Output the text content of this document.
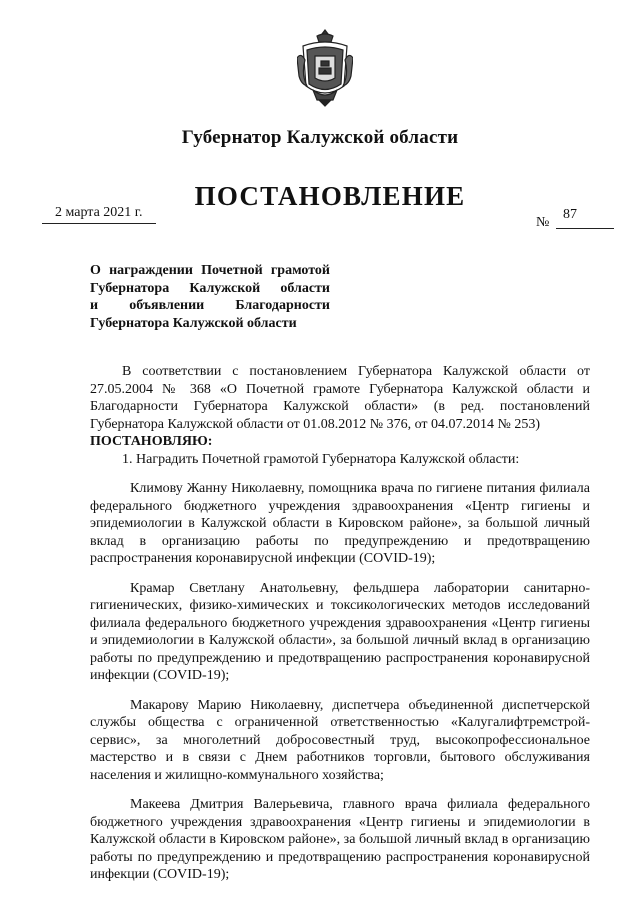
Губернатор Калужской области
ПОСТАНОВЛЕНИЕ
2 марта 2021 г.
№
87
О награждении Почетной грамотой
Губернатора Калужской области
и объявлении Благодарности
Губернатора Калужской области

В соответствии с постановлением Губернатора Калужской области от 27.05.2004 № 368 «О Почетной грамоте Губернатора Калужской области и Благодарности Губернатора Калужской области» (в ред. постановлений Губернатора Калужской области от 01.08.2012 № 376, от 04.07.2014 № 253)

ПОСТАНОВЛЯЮ:

1. Наградить Почетной грамотой Губернатора Калужской области:

Климову Жанну Николаевну, помощника врача по гигиене питания филиала федерального бюджетного учреждения здравоохранения «Центр гигиены и эпидемиологии в Калужской области в Кировском районе», за большой личный вклад в организацию работы по предупреждению и предотвращению распространения коронавирусной инфекции (COVID-19);

Крамар Светлану Анатольевну, фельдшера лаборатории санитарно-гигиенических, физико-химических и токсикологических методов исследований филиала федерального бюджетного учреждения здравоохранения «Центр гигиены и эпидемиологии в Калужской области», за большой личный вклад в организацию работы по предупреждению и предотвращению распространения коронавирусной инфекции (COVID-19);

Макарову Марию Николаевну, диспетчера объединенной диспетчерской службы общества с ограниченной ответственностью «Калугалифтремстрой-сервис», за многолетний добросовестный труд, высокопрофессиональное мастерство и в связи с Днем работников торговли, бытового обслуживания населения и жилищно-коммунального хозяйства;

Макеева Дмитрия Валерьевича, главного врача филиала федерального бюджетного учреждения здравоохранения «Центр гигиены и эпидемиологии в Калужской области в Кировском районе», за большой личный вклад в организацию работы по предупреждению и предотвращению распространения коронавирусной инфекции (COVID-19);
